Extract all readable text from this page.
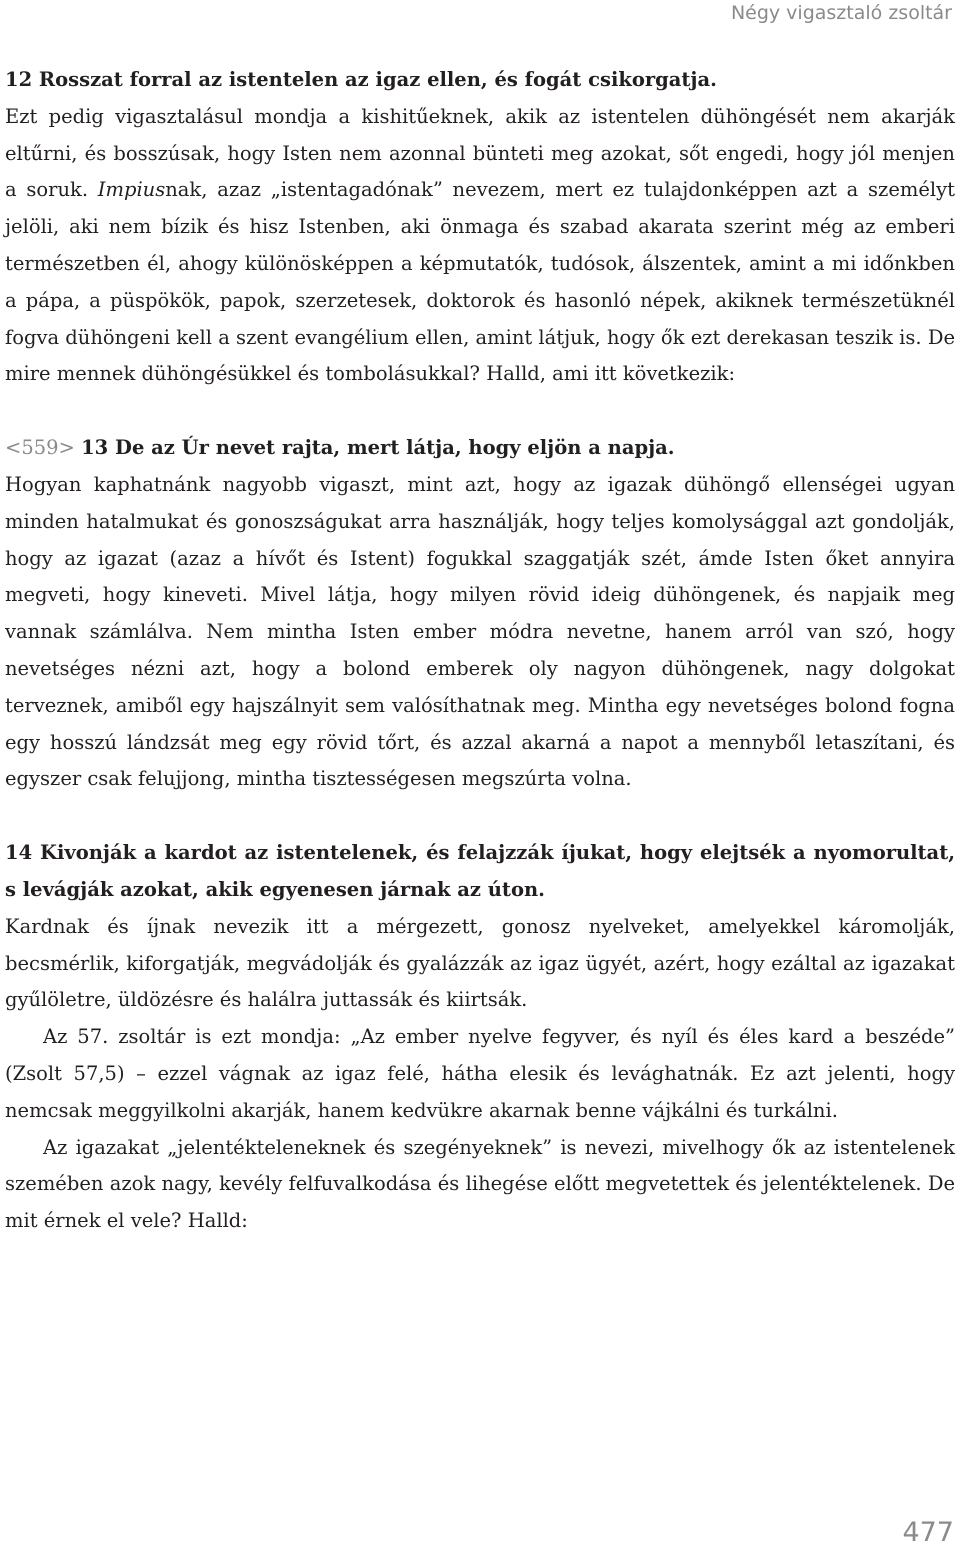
Négy vigasztaló zsoltár
12 Rosszat forral az istentelen az igaz ellen, és fogát csikorgatja.

Ezt pedig vigasztalásul mondja a kishitűeknek, akik az istentelen dühöngését nem akarják eltűrni, és bosszúsak, hogy Isten nem azonnal bünteti meg azokat, sőt engedi, hogy jól menjen a soruk. Impiusnak, azaz „istentagadónak” nevezem, mert ez tulajdonképpen azt a személyt jelöli, aki nem bízik és hisz Istenben, aki önmaga és szabad akarata szerint még az emberi természetben él, ahogy különösképpen a képmutatók, tudósok, álszentek, amint a mi időnkben a pápa, a püspökök, papok, szerzetesek, doktorok és hasonló népek, akiknek természetüknél fogva dühöngeni kell a szent evangélium ellen, amint látjuk, hogy ők ezt derekasan teszik is. De mire mennek dühöngésükkel és tombolásukkal? Halld, ami itt következik:

<559> 13 De az Úr nevet rajta, mert látja, hogy eljön a napja.

Hogyan kaphatnánk nagyobb vigaszt, mint azt, hogy az igazak dühöngő ellenségei ugyan minden hatalmukat és gonoszságukat arra használják, hogy teljes komolysággal azt gondolják, hogy az igazat (azaz a hívőt és Istent) fogukkal szaggatják szét, ámde Isten őket annyira megveti, hogy kineveti. Mivel látja, hogy milyen rövid ideig dühöngenek, és napjaik meg vannak számlálva. Nem mintha Isten ember módra nevetne, hanem arról van szó, hogy nevetséges nézni azt, hogy a bolond emberek oly nagyon dühöngenek, nagy dolgokat terveznek, amiből egy hajszálnyit sem valósíthatnak meg. Mintha egy nevetséges bolond fogna egy hosszú lándzsát meg egy rövid tőrt, és azzal akarná a napot a mennyből letaszítani, és egyszer csak felujjong, mintha tisztességesen megszúrta volna.

14 Kivonják a kardot az istentelenek, és felajzzák íjukat, hogy elejtsék a nyomorultat, s levágják azokat, akik egyenesen járnak az úton.

Kardnak és íjnak nevezik itt a mérgezett, gonosz nyelveket, amelyekkel káromolják, becsmérlik, kiforgatják, megvádolják és gyalázzák az igaz ügyét, azért, hogy ezáltal az igazakat gyűlöletre, üldözésre és halálra juttassák és kiirtsák.

Az 57. zsoltár is ezt mondja: „Az ember nyelve fegyver, és nyíl és éles kard a beszéde” (Zsolt 57,5) – ezzel vágnak az igaz felé, hátha elesik és levághatnák. Ez azt jelenti, hogy nemcsak meggyilkolni akarják, hanem kedvükre akarnak benne vájkálni és turkálni.

Az igazakat „jelentékteleneknek és szegényeknek” is nevezi, mivelhogy ők az istentelenek szemében azok nagy, kevély felfuvalkodása és lihegése előtt megvetettek és jelentéktelenek. De mit érnek el vele? Halld:

477
